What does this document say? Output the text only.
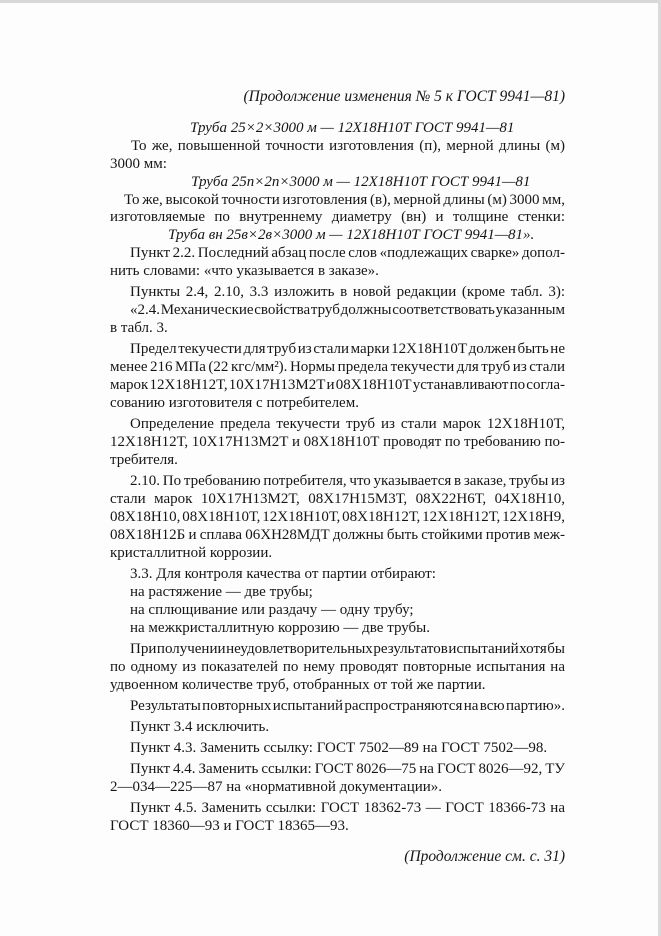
(Продолжение изменения № 5 к ГОСТ 9941—81)
Труба 25×2×3000 м — 12Х18Н10Т ГОСТ 9941—81
То же, повышенной точности изготовления (п), мерной длины (м)
3000 мм:
Труба 25п×2п×3000 м — 12Х18Н10Т ГОСТ 9941—81
То же, высокой точности изготовления (в), мерной длины (м) 3000 мм,
изготовляемые по внутреннему диаметру (вн) и толщине стенки:
Труба вн 25в×2в×3000 м — 12Х18Н10Т ГОСТ 9941—81».
Пункт 2.2. Последний абзац после слов «подлежащих сварке» допол-
нить словами: «что указывается в заказе».
Пункты 2.4, 2.10, 3.3 изложить в новой редакции (кроме табл. 3):
«2.4. Механические свойства труб должны соответствовать указанным
в табл. 3.
Предел текучести для труб из стали марки 12Х18Н10Т должен быть не
менее 216 МПа (22 кгс/мм²). Нормы предела текучести для труб из стали
марок 12Х18Н12Т, 10Х17Н13М2Т и 08Х18Н10Т устанавливают по согла-
сованию изготовителя с потребителем.
Определение предела текучести труб из стали марок 12Х18Н10Т,
12Х18Н12Т, 10Х17Н13М2Т и 08Х18Н10Т проводят по требованию по-
требителя.
2.10. По требованию потребителя, что указывается в заказе, трубы из
стали марок 10Х17Н13М2Т, 08Х17Н15М3Т, 08Х22Н6Т, 04Х18Н10,
08Х18Н10, 08Х18Н10Т, 12Х18Н10Т, 08Х18Н12Т, 12Х18Н12Т, 12Х18Н9,
08Х18Н12Б и сплава 06ХН28МДТ должны быть стойкими против меж-
кристаллитной коррозии.
3.3. Для контроля качества от партии отбирают:
на растяжение — две трубы;
на сплющивание или раздачу — одну трубу;
на межкристаллитную коррозию — две трубы.
При получении неудовлетворительных результатов испытаний хотя бы
по одному из показателей по нему проводят повторные испытания на
удвоенном количестве труб, отобранных от той же партии.
Результаты повторных испытаний распространяются на всю партию».
Пункт 3.4 исключить.
Пункт 4.3. Заменить ссылку: ГОСТ 7502—89 на ГОСТ 7502—98.
Пункт 4.4. Заменить ссылки: ГОСТ 8026—75 на ГОСТ 8026—92, ТУ
2—034—225—87 на «нормативной документации».
Пункт 4.5. Заменить ссылки: ГОСТ 18362-73 — ГОСТ 18366-73 на
ГОСТ 18360—93 и ГОСТ 18365—93.
(Продолжение см. с. 31)
